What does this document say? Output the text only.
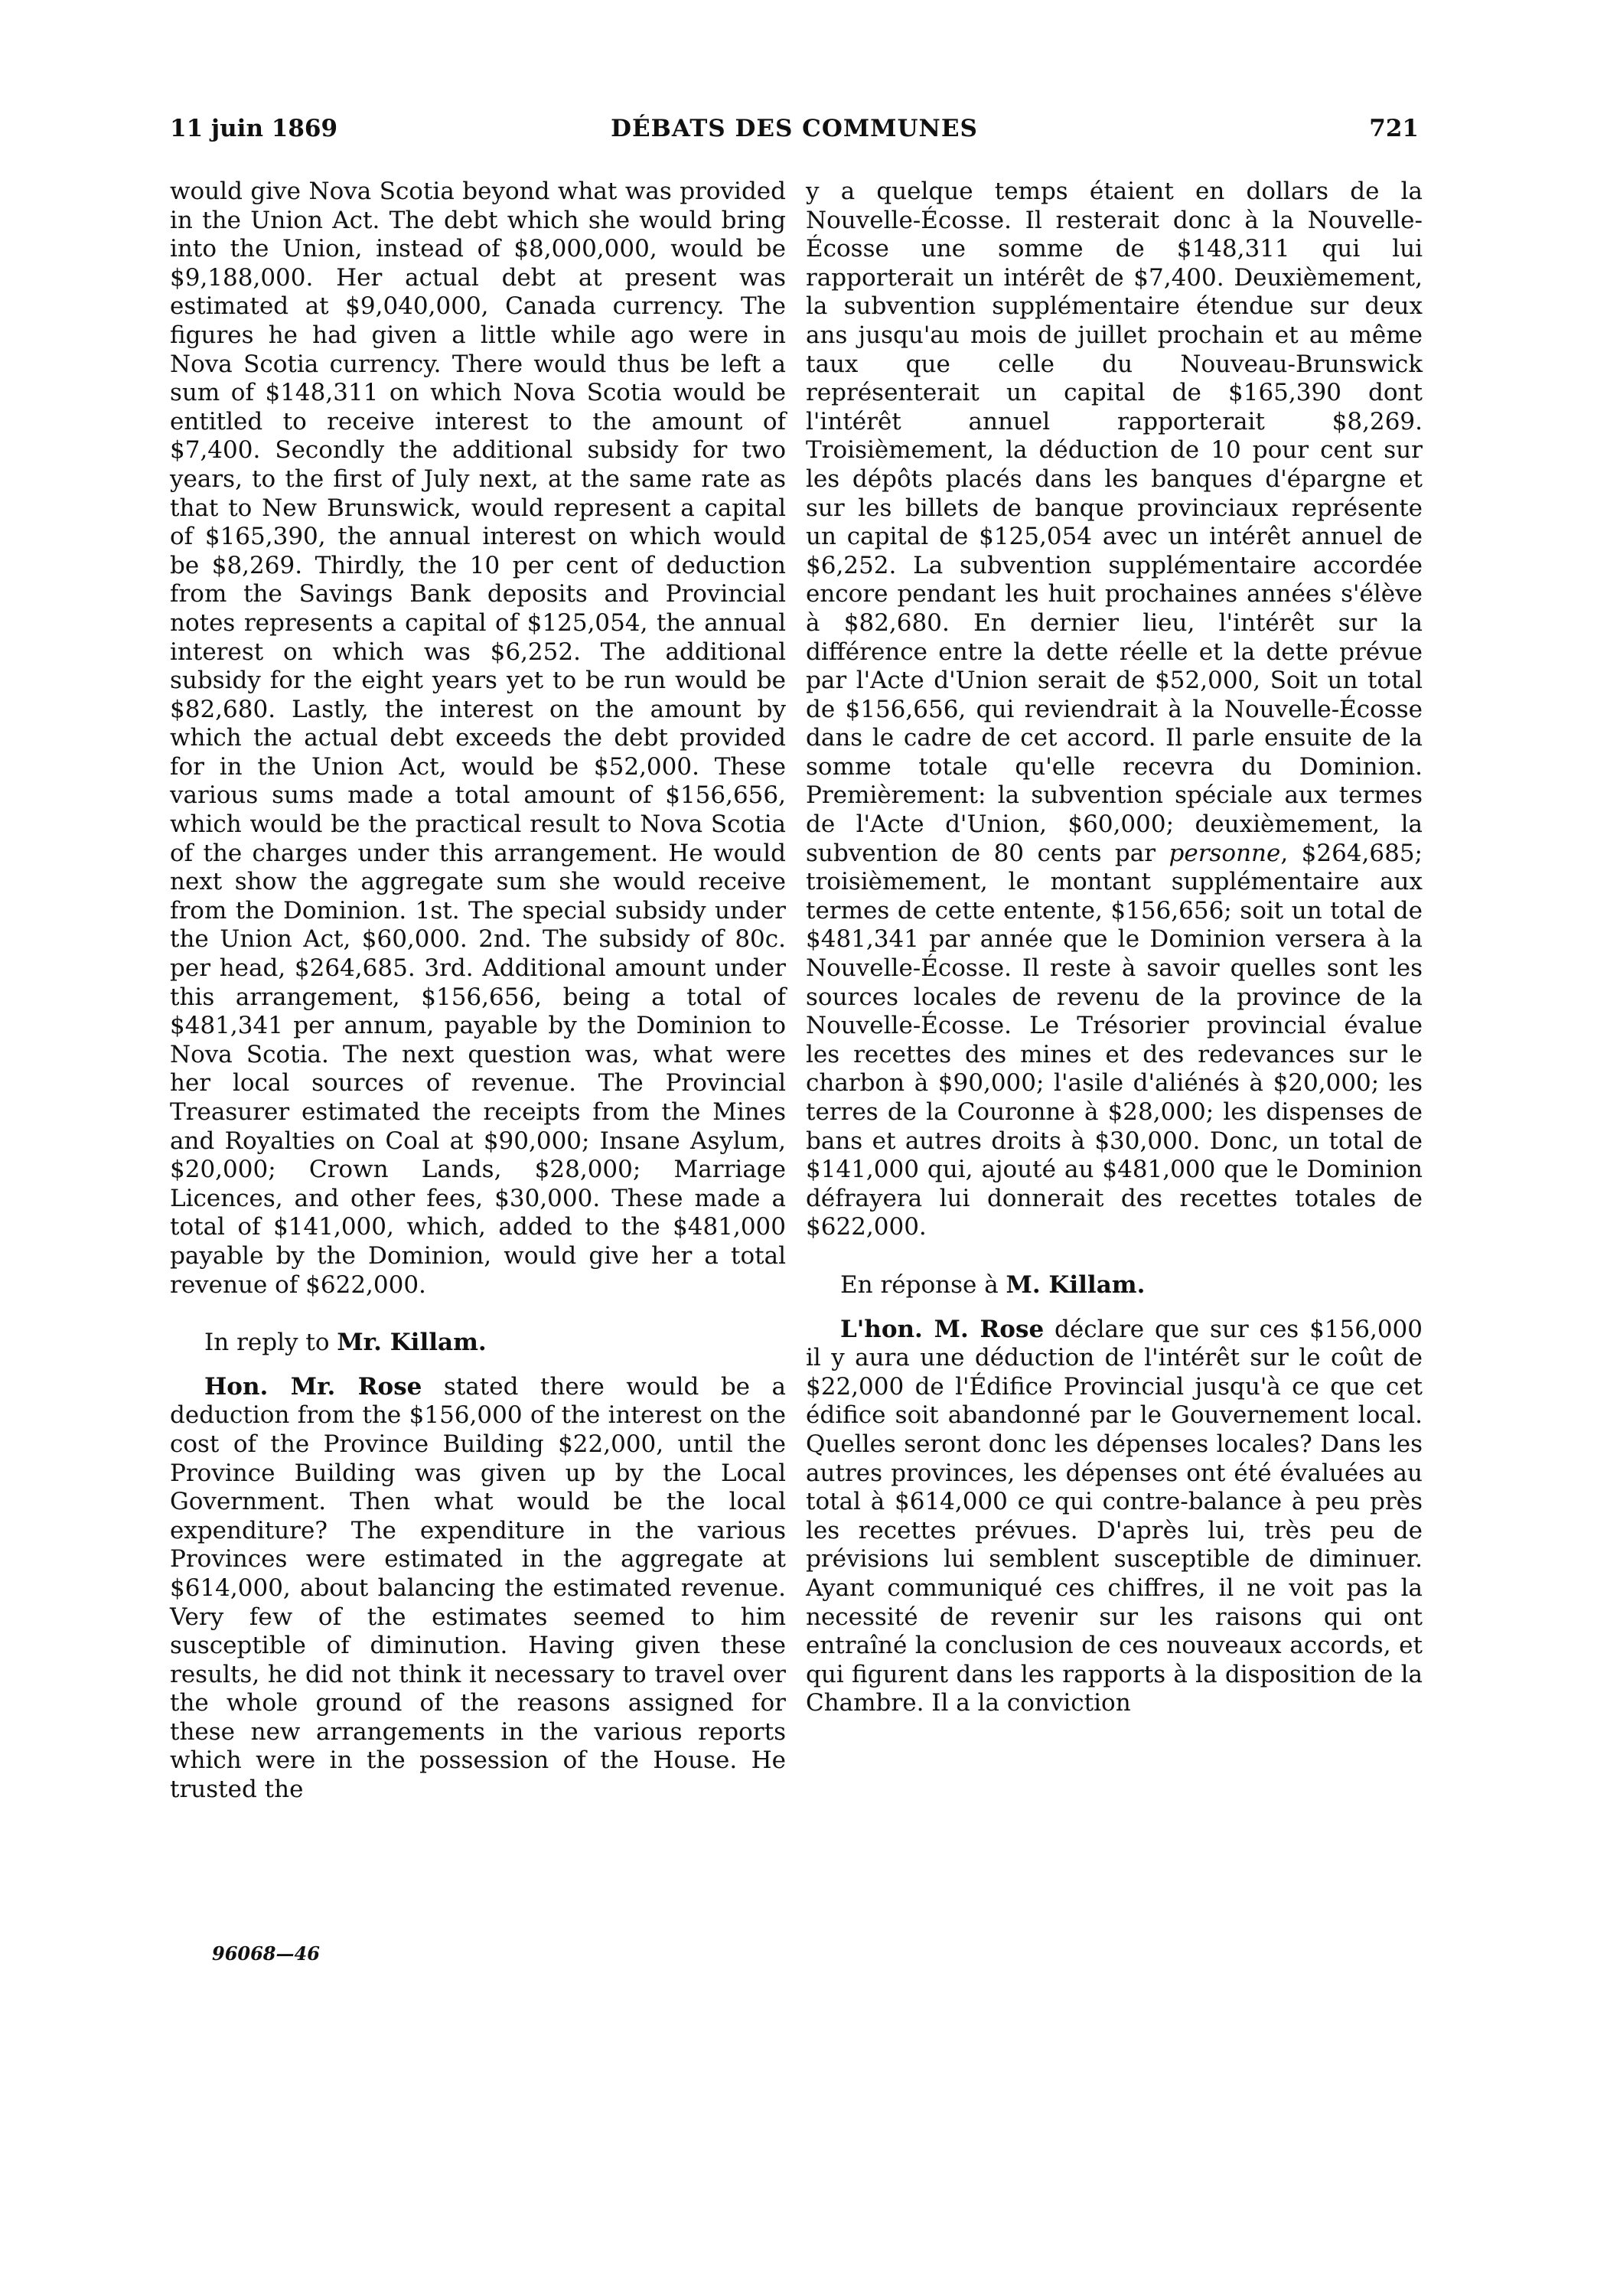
11 juin 1869	DÉBATS DES COMMUNES	721

would give Nova Scotia beyond what was provided in the Union Act. The debt which she would bring into the Union, instead of $8,000,000, would be $9,188,000. Her actual debt at present was estimated at $9,040,000, Canada currency. The figures he had given a little while ago were in Nova Scotia currency. There would thus be left a sum of $148,311 on which Nova Scotia would be entitled to receive interest to the amount of $7,400. Secondly the additional subsidy for two years, to the first of July next, at the same rate as that to New Brunswick, would represent a capital of $165,390, the annual interest on which would be $8,269. Thirdly, the 10 per cent of deduction from the Savings Bank deposits and Provincial notes represents a capital of $125,054, the annual interest on which was $6,252. The additional subsidy for the eight years yet to be run would be $82,680. Lastly, the interest on the amount by which the actual debt exceeds the debt provided for in the Union Act, would be $52,000. These various sums made a total amount of $156,656, which would be the practical result to Nova Scotia of the charges under this arrangement. He would next show the aggregate sum she would receive from the Dominion. 1st. The special subsidy under the Union Act, $60,000. 2nd. The subsidy of 80c. per head, $264,685. 3rd. Additional amount under this arrangement, $156,656, being a total of $481,341 per annum, payable by the Dominion to Nova Scotia. The next question was, what were her local sources of revenue. The Provincial Treasurer estimated the receipts from the Mines and Royalties on Coal at $90,000; Insane Asylum, $20,000; Crown Lands, $28,000; Marriage Licences, and other fees, $30,000. These made a total of $141,000, which, added to the $481,000 payable by the Dominion, would give her a total revenue of $622,000.

In reply to Mr. Killam.

Hon. Mr. Rose stated there would be a deduction from the $156,000 of the interest on the cost of the Province Building $22,000, until the Province Building was given up by the Local Government. Then what would be the local expenditure? The expenditure in the various Provinces were estimated in the aggregate at $614,000, about balancing the estimated revenue. Very few of the estimates seemed to him susceptible of diminution. Having given these results, he did not think it necessary to travel over the whole ground of the reasons assigned for these new arrangements in the various reports which were in the possession of the House. He trusted the

y a quelque temps étaient en dollars de la Nouvelle-Écosse. Il resterait donc à la Nouvelle-Écosse une somme de $148,311 qui lui rapporterait un intérêt de $7,400. Deuxièmement, la subvention supplémentaire étendue sur deux ans jusqu'au mois de juillet prochain et au même taux que celle du Nouveau-Brunswick représenterait un capital de $165,390 dont l'intérêt annuel rapporterait $8,269. Troisièmement, la déduction de 10 pour cent sur les dépôts placés dans les banques d'épargne et sur les billets de banque provinciaux représente un capital de $125,054 avec un intérêt annuel de $6,252. La subvention supplémentaire accordée encore pendant les huit prochaines années s'élève à $82,680. En dernier lieu, l'intérêt sur la différence entre la dette réelle et la dette prévue par l'Acte d'Union serait de $52,000, Soit un total de $156,656, qui reviendrait à la Nouvelle-Écosse dans le cadre de cet accord. Il parle ensuite de la somme totale qu'elle recevra du Dominion. Premièrement: la subvention spéciale aux termes de l'Acte d'Union, $60,000; deuxièmement, la subvention de 80 cents par personne, $264,685; troisièmement, le montant supplémentaire aux termes de cette entente, $156,656; soit un total de $481,341 par année que le Dominion versera à la Nouvelle-Écosse. Il reste à savoir quelles sont les sources locales de revenu de la province de la Nouvelle-Écosse. Le Trésorier provincial évalue les recettes des mines et des redevances sur le charbon à $90,000; l'asile d'aliénés à $20,000; les terres de la Couronne à $28,000; les dispenses de bans et autres droits à $30,000. Donc, un total de $141,000 qui, ajouté au $481,000 que le Dominion défrayera lui donnerait des recettes totales de $622,000.

En réponse à M. Killam.

L'hon. M. Rose déclare que sur ces $156,000 il y aura une déduction de l'intérêt sur le coût de $22,000 de l'Édifice Provincial jusqu'à ce que cet édifice soit abandonné par le Gouvernement local. Quelles seront donc les dépenses locales? Dans les autres provinces, les dépenses ont été évaluées au total à $614,000 ce qui contre-balance à peu près les recettes prévues. D'après lui, très peu de prévisions lui semblent susceptible de diminuer. Ayant communiqué ces chiffres, il ne voit pas la necessité de revenir sur les raisons qui ont entraîné la conclusion de ces nouveaux accords, et qui figurent dans les rapports à la disposition de la Chambre. Il a la conviction

96068—46
